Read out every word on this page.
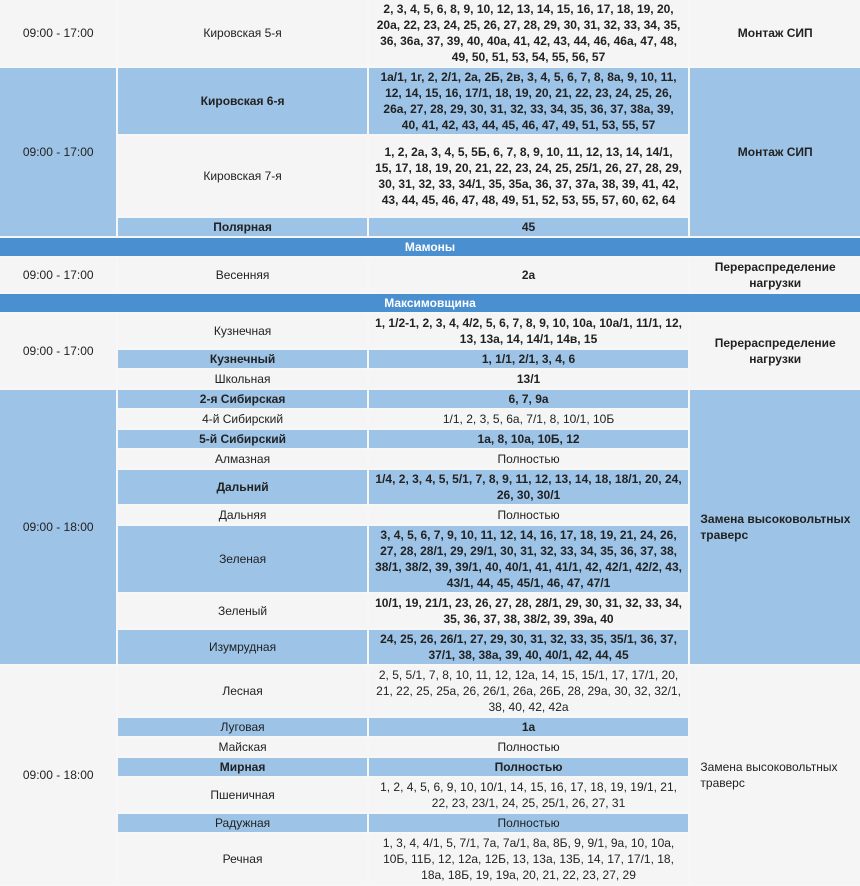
09:00 - 17:00	Кировская 5-я	2, 3, 4, 5, 6, 8, 9, 10, 12, 13, 14, 15, 16, 17, 18, 19, 20, 20а, 22, 23, 24, 25, 26, 27, 28, 29, 30, 31, 32, 33, 34, 35, 36, 36а, 37, 39, 40, 40а, 41, 42, 43, 44, 46, 46а, 47, 48, 49, 50, 51, 53, 54, 55, 56, 57	Монтаж СИП
09:00 - 17:00	Кировская 6-я	1а/1, 1г, 2, 2/1, 2а, 2Б, 2в, 3, 4, 5, 6, 7, 8, 8а, 9, 10, 11, 12, 14, 15, 16, 17/1, 18, 19, 20, 21, 22, 23, 24, 25, 26, 26а, 27, 28, 29, 30, 31, 32, 33, 34, 35, 36, 37, 38а, 39, 40, 41, 42, 43, 44, 45, 46, 47, 49, 51, 53, 55, 57	Монтаж СИП
	Кировская 7-я	1, 2, 2а, 3, 4, 5, 5Б, 6, 7, 8, 9, 10, 11, 12, 13, 14, 14/1, 15, 17, 18, 19, 20, 21, 22, 23, 24, 25, 25/1, 26, 27, 28, 29, 30, 31, 32, 33, 34/1, 35, 35а, 36, 37, 37а, 38, 39, 41, 42, 43, 44, 45, 46, 47, 48, 49, 51, 52, 53, 55, 57, 60, 62, 64	
	Полярная	45	
Мамоны			
09:00 - 17:00	Весенняя	2а	Перераспределение нагрузки
Максимовщина			
09:00 - 17:00	Кузнечная	1, 1/2-1, 2, 3, 4, 4/2, 5, 6, 7, 8, 9, 10, 10а, 10а/1, 11/1, 12, 13, 13а, 14, 14/1, 14в, 15	Перераспределение нагрузки
	Кузнечный	1, 1/1, 2/1, 3, 4, 6	
	Школьная	13/1	
09:00 - 18:00	2-я Сибирская	6, 7, 9а	Замена высоковольтных траверс
	4-й Сибирский	1/1, 2, 3, 5, 6а, 7/1, 8, 10/1, 10Б	
	5-й Сибирский	1а, 8, 10а, 10Б, 12	
	Алмазная	Полностью	
	Дальний	1/4, 2, 3, 4, 5, 5/1, 7, 8, 9, 11, 12, 13, 14, 18, 18/1, 20, 24, 26, 30, 30/1	
	Дальняя	Полностью	
	Зеленая	3, 4, 5, 6, 7, 9, 10, 11, 12, 14, 16, 17, 18, 19, 21, 24, 26, 27, 28, 28/1, 29, 29/1, 30, 31, 32, 33, 34, 35, 36, 37, 38, 38/1, 38/2, 39, 39/1, 40, 40/1, 41, 41/1, 42, 42/1, 42/2, 43, 43/1, 44, 45, 45/1, 46, 47, 47/1	
	Зеленый	10/1, 19, 21/1, 23, 26, 27, 28, 28/1, 29, 30, 31, 32, 33, 34, 35, 36, 37, 38, 38/2, 39, 39а, 40	
	Изумрудная	24, 25, 26, 26/1, 27, 29, 30, 31, 32, 33, 35, 35/1, 36, 37, 37/1, 38, 38а, 39, 40, 40/1, 42, 44, 45	
09:00 - 18:00	Лесная	2, 5, 5/1, 7, 8, 10, 11, 12, 12а, 14, 15, 15/1, 17, 17/1, 20, 21, 22, 25, 25а, 26, 26/1, 26а, 26Б, 28, 29а, 30, 32, 32/1, 38, 40, 42, 42а	Замена высоковольтных траверс
	Луговая	1а	
	Майская	Полностью	
	Мирная	Полностью	
	Пшеничная	1, 2, 4, 5, 6, 9, 10, 10/1, 14, 15, 16, 17, 18, 19, 19/1, 21, 22, 23, 23/1, 24, 25, 25/1, 26, 27, 31	
	Радужная	Полностью	
	Речная	1, 3, 4, 4/1, 5, 7/1, 7а, 7а/1, 8а, 8Б, 9, 9/1, 9а, 10, 10а, 10Б, 11Б, 12, 12а, 12Б, 13, 13а, 13Б, 14, 17, 17/1, 18, 18а, 18Б, 19, 19а, 20, 21, 22, 23, 27, 29	
